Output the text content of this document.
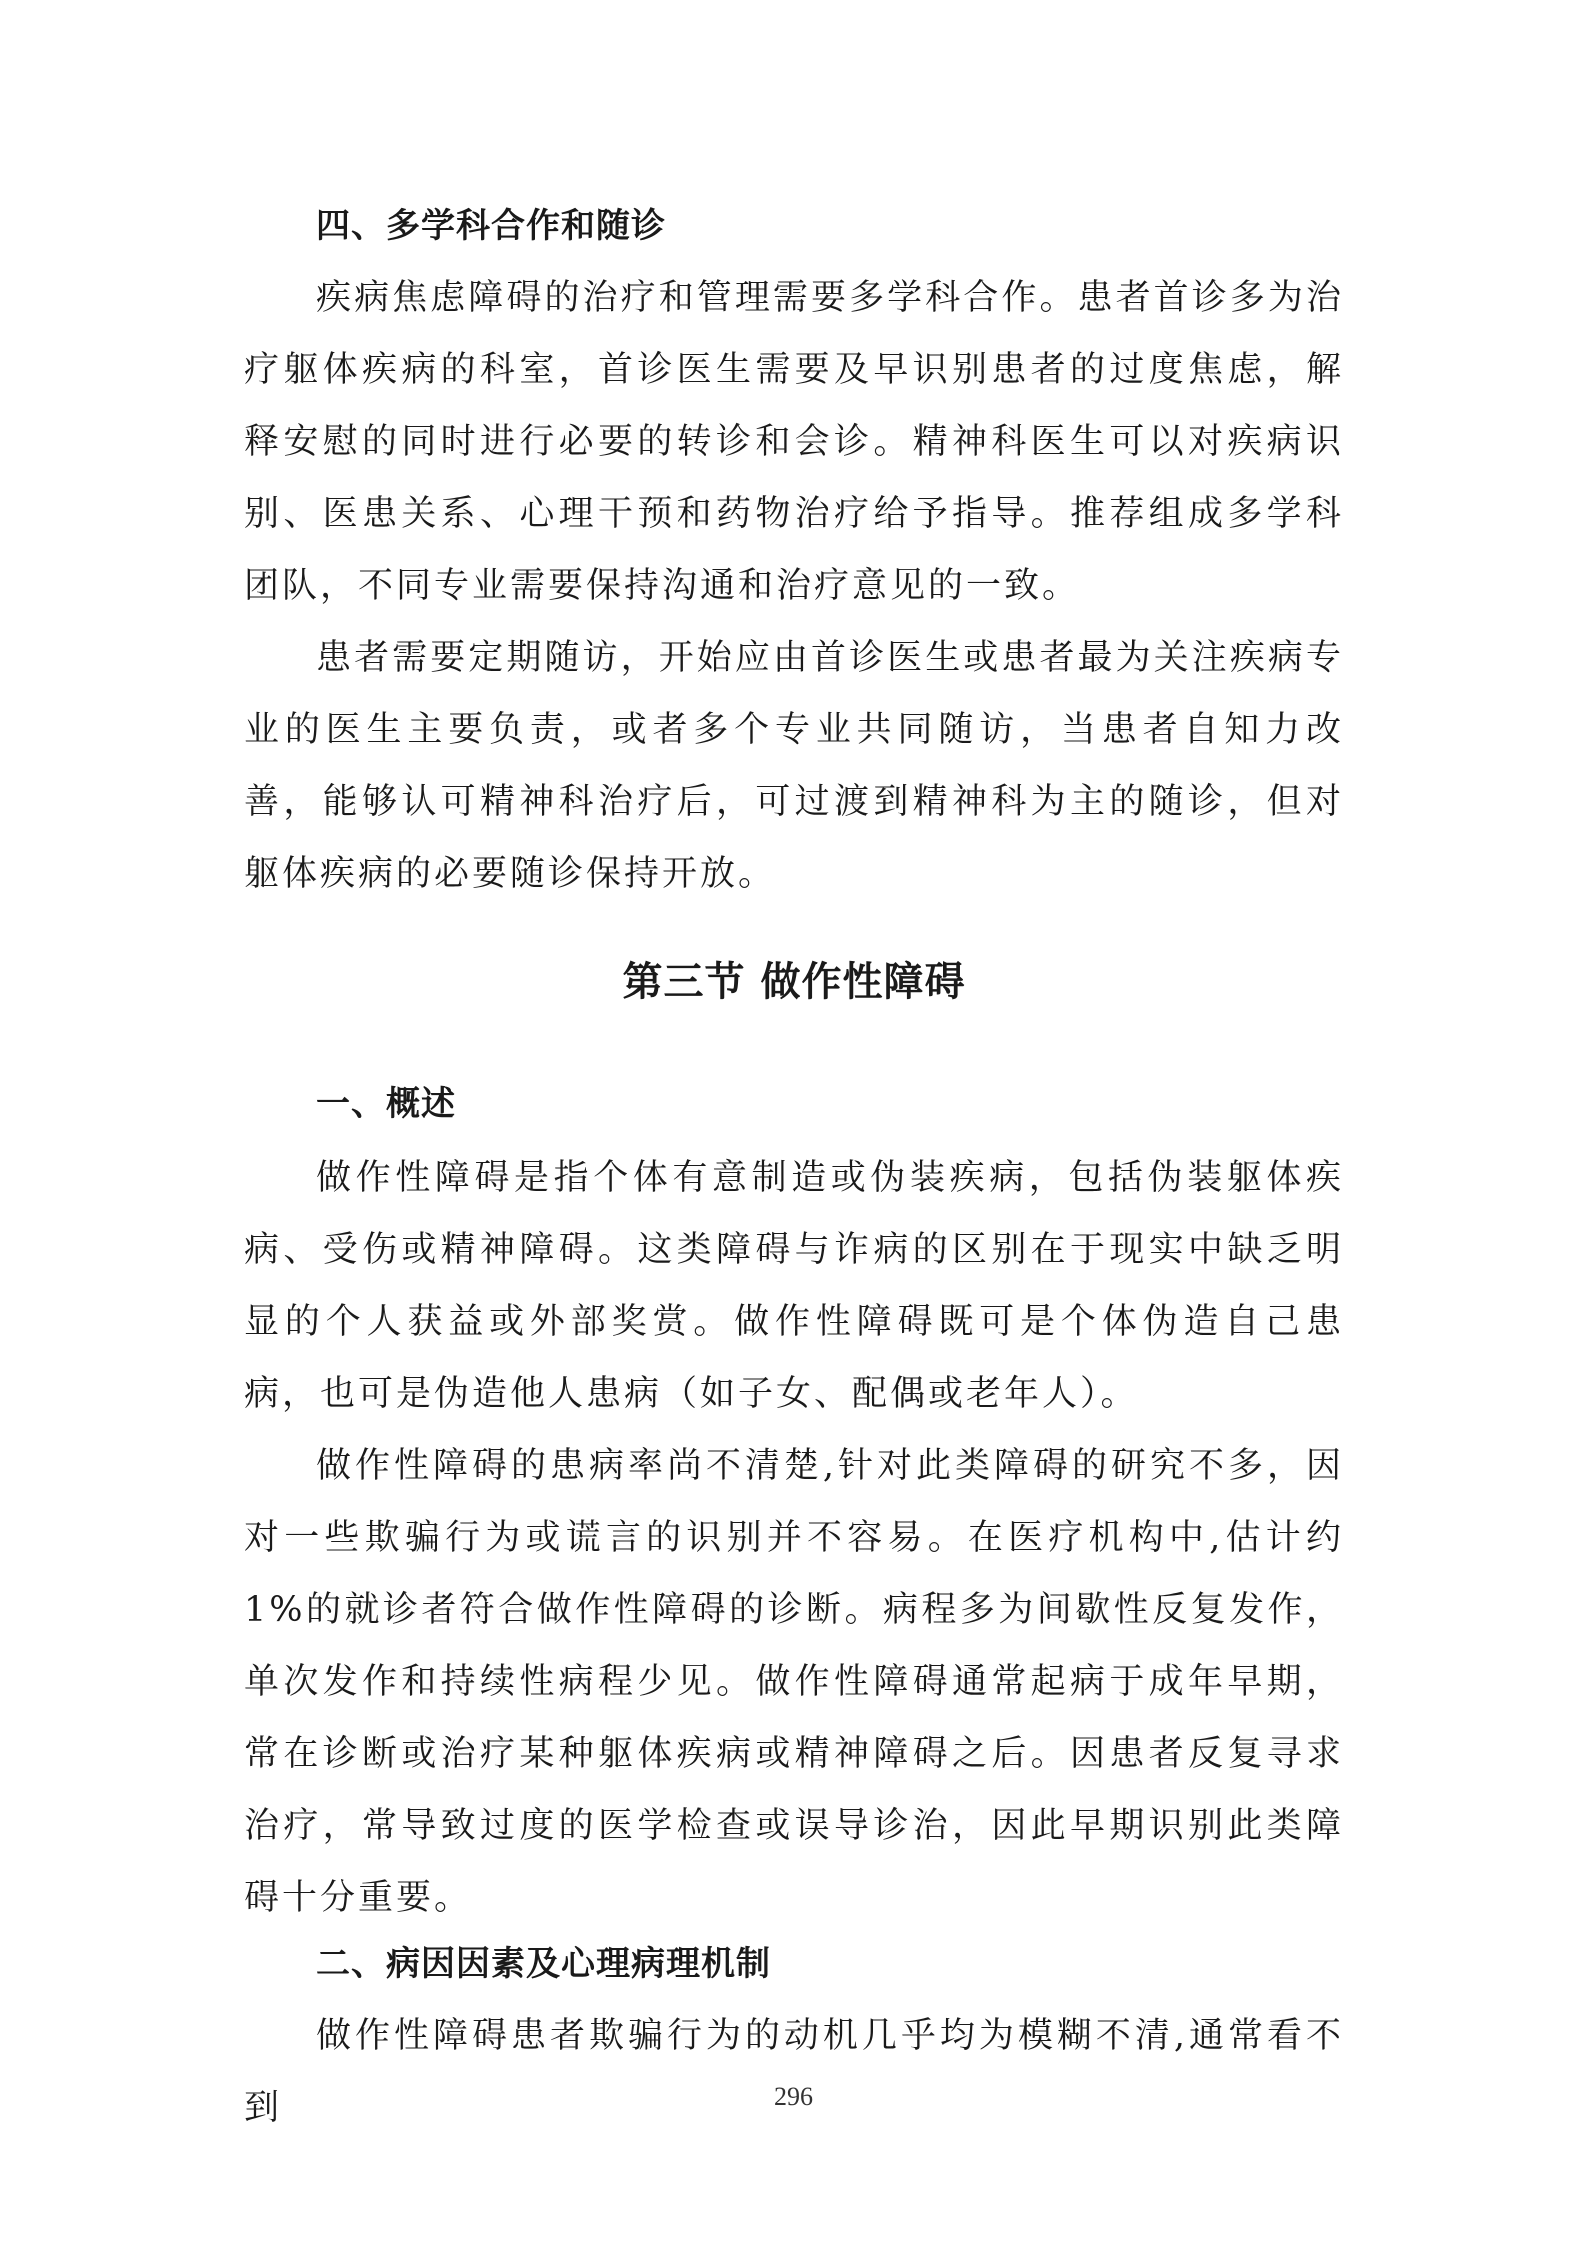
四、多学科合作和随诊

疾病焦虑障碍的治疗和管理需要多学科合作。患者首诊多为治疗躯体疾病的科室，首诊医生需要及早识别患者的过度焦虑，解释安慰的同时进行必要的转诊和会诊。精神科医生可以对疾病识别、医患关系、心理干预和药物治疗给予指导。推荐组成多学科团队，不同专业需要保持沟通和治疗意见的一致。

患者需要定期随访，开始应由首诊医生或患者最为关注疾病专业的医生主要负责，或者多个专业共同随访，当患者自知力改善，能够认可精神科治疗后，可过渡到精神科为主的随诊，但对躯体疾病的必要随诊保持开放。

第三节 做作性障碍
一、概述

做作性障碍是指个体有意制造或伪装疾病，包括伪装躯体疾病、受伤或精神障碍。这类障碍与诈病的区别在于现实中缺乏明显的个人获益或外部奖赏。做作性障碍既可是个体伪造自己患病，也可是伪造他人患病（如子女、配偶或老年人）。

做作性障碍的患病率尚不清楚,针对此类障碍的研究不多，因对一些欺骗行为或谎言的识别并不容易。在医疗机构中,估计约 1%的就诊者符合做作性障碍的诊断。病程多为间歇性反复发作，单次发作和持续性病程少见。做作性障碍通常起病于成年早期，常在诊断或治疗某种躯体疾病或精神障碍之后。因患者反复寻求治疗，常导致过度的医学检查或误导诊治，因此早期识别此类障碍十分重要。

二、病因因素及心理病理机制

做作性障碍患者欺骗行为的动机几乎均为模糊不清,通常看不到	296
